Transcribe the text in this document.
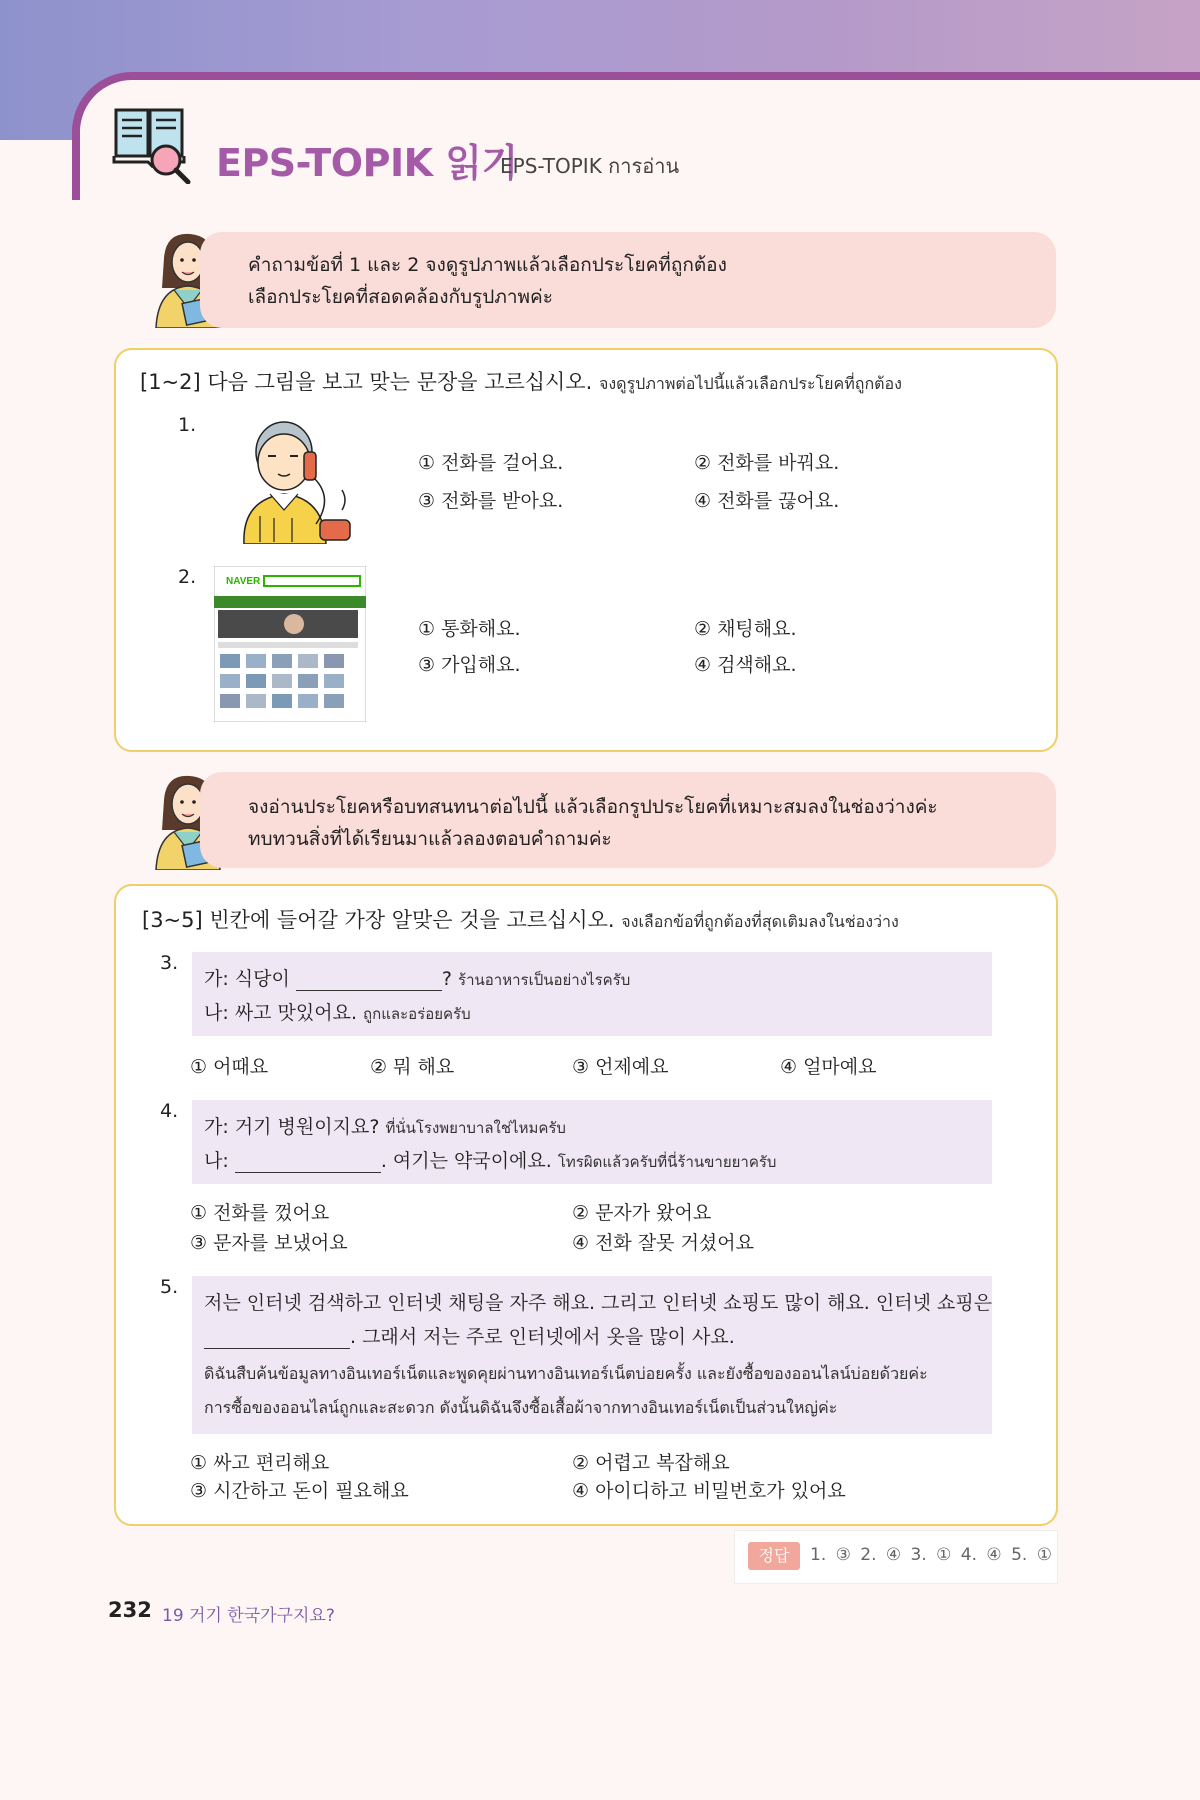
EPS-TOPIK 읽기
EPS-TOPIK การอ่าน
คำถามข้อที่ 1 และ 2 จงดูรูปภาพแล้วเลือกประโยคที่ถูกต้อง
เลือกประโยคที่สอดคล้องกับรูปภาพค่ะ
[1~2] 다음 그림을 보고 맞는 문장을 고르십시오. จงดูรูปภาพต่อไปนี้แล้วเลือกประโยคที่ถูกต้อง
1.
① 전화를 걸어요.	② 전화를 바꿔요.
③ 전화를 받아요.	④ 전화를 끊어요.
2.	NAVER
① 통화해요.	② 채팅해요.
③ 가입해요.	④ 검색해요.
จงอ่านประโยคหรือบทสนทนาต่อไปนี้ แล้วเลือกรูปประโยคที่เหมาะสมลงในช่องว่างค่ะ
ทบทวนสิ่งที่ได้เรียนมาแล้วลองตอบคำถามค่ะ
[3~5] 빈칸에 들어갈 가장 알맞은 것을 고르십시오. จงเลือกข้อที่ถูกต้องที่สุดเติมลงในช่องว่าง
3.
가: 식당이	? ร้านอาหารเป็นอย่างไรครับ
나: 싸고 맛있어요. ถูกและอร่อยครับ
① 어때요	② 뭐 해요	③ 언제예요	④ 얼마예요
4.
가: 거기 병원이지요? ที่นั่นโรงพยาบาลใช่ไหมครับ
나:	. 여기는 약국이에요. โทรผิดแล้วครับที่นี่ร้านขายยาครับ
① 전화를 껐어요	② 문자가 왔어요
③ 문자를 보냈어요	④ 전화 잘못 거셨어요
5.
저는 인터넷 검색하고 인터넷 채팅을 자주 해요. 그리고 인터넷 쇼핑도 많이 해요. 인터넷 쇼핑은
. 그래서 저는 주로 인터넷에서 옷을 많이 사요.
ดิฉันสืบค้นข้อมูลทางอินเทอร์เน็ตและพูดคุยผ่านทางอินเทอร์เน็ตบ่อยครั้ง และยังซื้อของออนไลน์บ่อยด้วยค่ะ
การซื้อของออนไลน์ถูกและสะดวก ดังนั้นดิฉันจึงซื้อเสื้อผ้าจากทางอินเทอร์เน็ตเป็นส่วนใหญ่ค่ะ
① 싸고 편리해요	② 어렵고 복잡해요
③ 시간하고 돈이 필요해요	④ 아이디하고 비밀번호가 있어요
정답	1. ③ 2. ④ 3. ① 4. ④ 5. ①
232 19 거기 한국가구지요?
